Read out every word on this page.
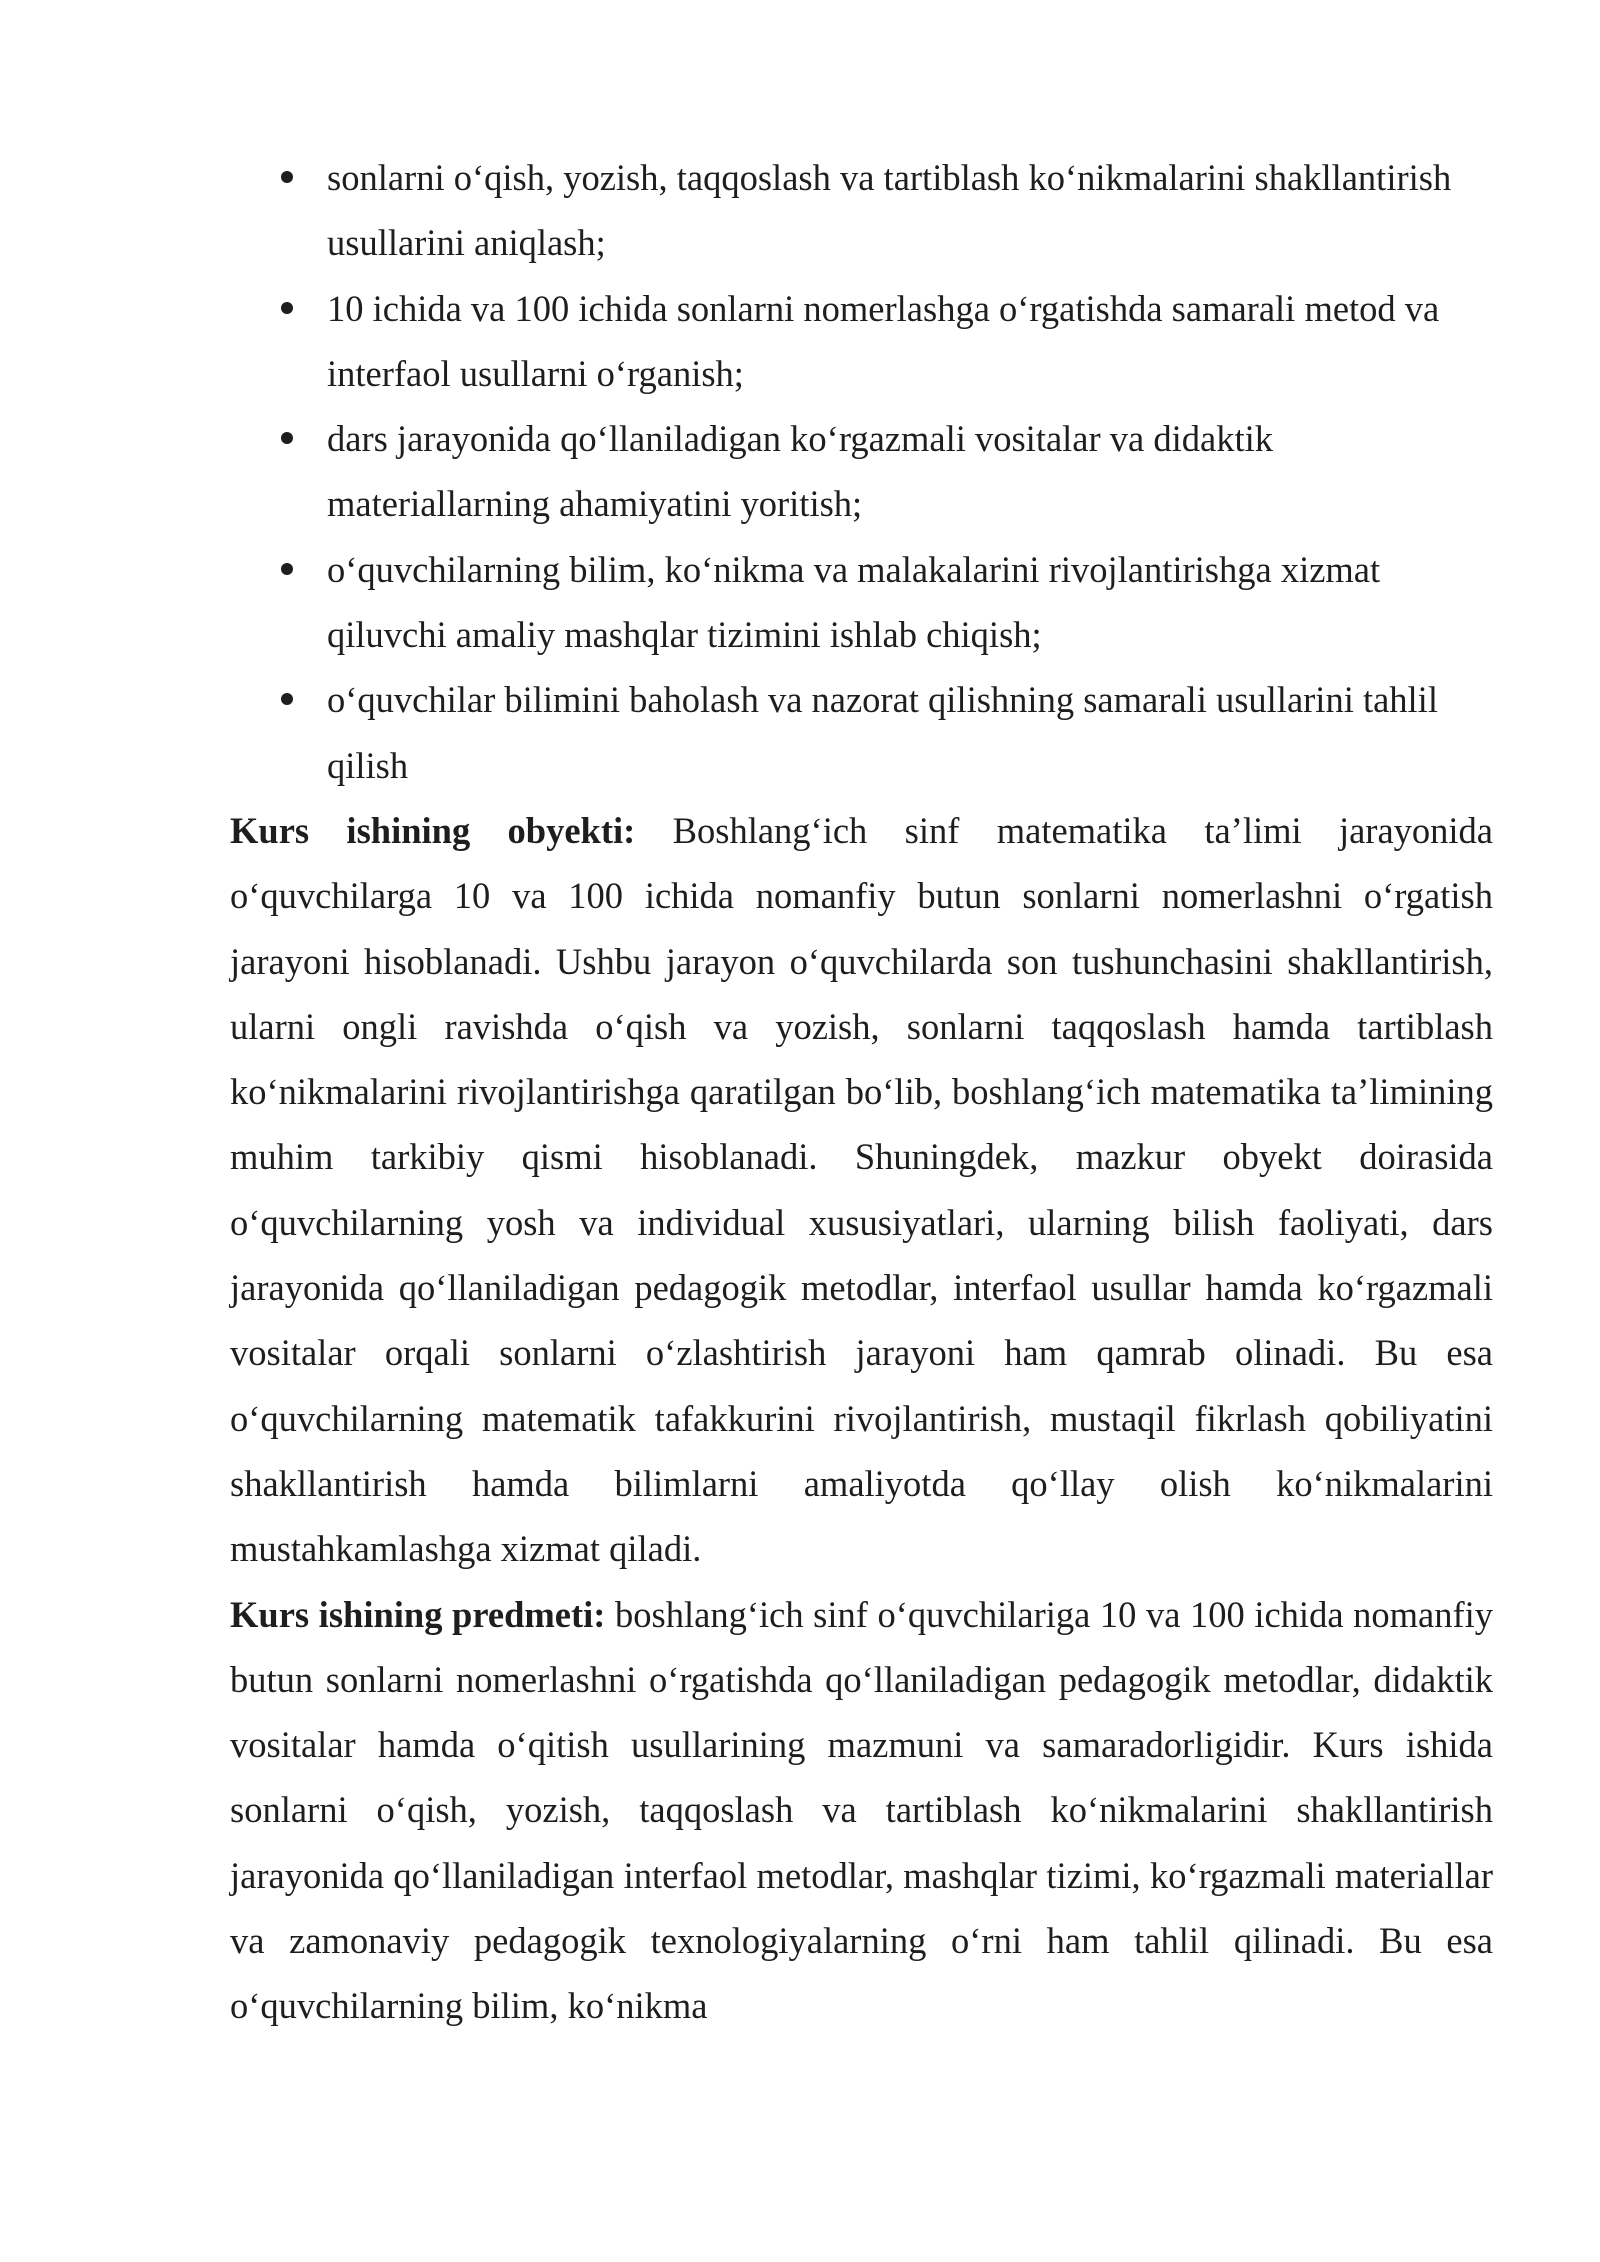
sonlarni o‘qish, yozish, taqqoslash va tartiblash ko‘nikmalarini shakllantirish usullarini aniqlash;
10 ichida va 100 ichida sonlarni nomerlashga o‘rgatishda samarali metod va interfaol usullarni o‘rganish;
dars jarayonida qo‘llaniladigan ko‘rgazmali vositalar va didaktik materiallarning ahamiyatini yoritish;
o‘quvchilarning bilim, ko‘nikma va malakalarini rivojlantirishga xizmat qiluvchi amaliy mashqlar tizimini ishlab chiqish;
o‘quvchilar bilimini baholash va nazorat qilishning samarali usullarini tahlil qilish

Kurs ishining obyekti: Boshlang‘ich sinf matematika ta’limi jarayonida o‘quvchilarga 10 va 100 ichida nomanfiy butun sonlarni nomerlashni o‘rgatish jarayoni hisoblanadi. Ushbu jarayon o‘quvchilarda son tushunchasini shakllantirish, ularni ongli ravishda o‘qish va yozish, sonlarni taqqoslash hamda tartiblash ko‘nikmalarini rivojlantirishga qaratilgan bo‘lib, boshlang‘ich matematika ta’limining muhim tarkibiy qismi hisoblanadi. Shuningdek, mazkur obyekt doirasida o‘quvchilarning yosh va individual xususiyatlari, ularning bilish faoliyati, dars jarayonida qo‘llaniladigan pedagogik metodlar, interfaol usullar hamda ko‘rgazmali vositalar orqali sonlarni o‘zlashtirish jarayoni ham qamrab olinadi. Bu esa o‘quvchilarning matematik tafakkurini rivojlantirish, mustaqil fikrlash qobiliyatini shakllantirish hamda bilimlarni amaliyotda qo‘llay olish ko‘nikmalarini mustahkamlashga xizmat qiladi.

Kurs ishining predmeti: boshlang‘ich sinf o‘quvchilariga 10 va 100 ichida nomanfiy butun sonlarni nomerlashni o‘rgatishda qo‘llaniladigan pedagogik metodlar, didaktik vositalar hamda o‘qitish usullarining mazmuni va samaradorligidir. Kurs ishida sonlarni o‘qish, yozish, taqqoslash va tartiblash ko‘nikmalarini shakllantirish jarayonida qo‘llaniladigan interfaol metodlar, mashqlar tizimi, ko‘rgazmali materiallar va zamonaviy pedagogik texnologiyalarning o‘rni ham tahlil qilinadi. Bu esa o‘quvchilarning bilim, ko‘nikma
